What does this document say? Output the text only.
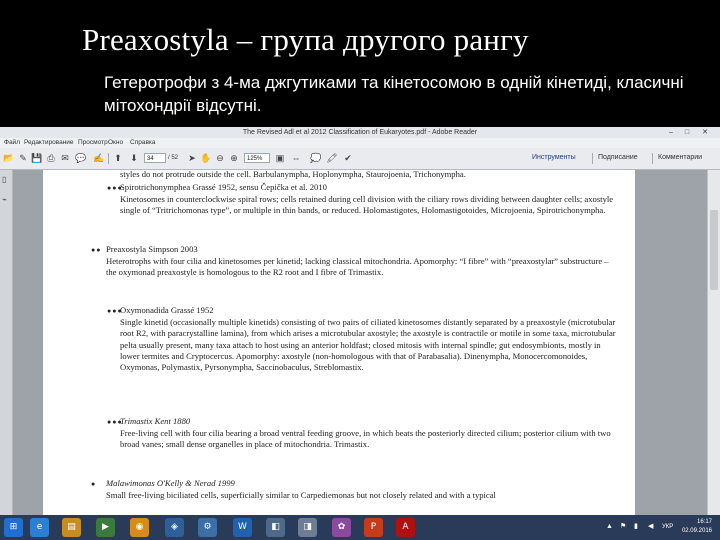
Preaxostyla – група другого рангу
Гетеротрофи з 4-ма джгутиками та кінетосомою в одній кінетиді, класичні мітохондрії відсутні.
The Revised Adl et al 2012 Classification of Eukaryotes.pdf - Adobe Reader	–	□	✕
Файл Редактирование Просмотр Окно Справка
📂 ✎ 💾 ⎙ ✉ 💬 ✍ ⬆ ⬇	34	/ 52 ➤ ✋ ⊖ ⊕	125%	▣ ⇔ 💭 🖍 ✔	Инструменты	Подписание	Комментарии
▯
⌁
styles do not protrude outside the cell. Barbulanympha, Hoplonympha, Staurojoenia, Trichonympha.
●●●
Spirotrichonymphea Grassé 1952, sensu Čepička et al. 2010
Kinetosomes in counterclockwise spiral rows; cells retained during cell division with the ciliary rows dividing between daughter cells; axostyle single of “Tritrichomonas type”, or multiple in thin bands, or reduced. Holomastigotes, Holomastigotoides, Microjoenia, Spirotrichonympha.
●● Preaxostyla Simpson 2003
Heterotrophs with four cilia and kinetosomes per kinetid; lacking classical mitochondria. Apomorphy: “I fibre” with “preaxostylar” substructure – the oxymonad preaxostyle is homologous to the R2 root and I fibre of Trimastix.
●●●
Oxymonadida Grassé 1952
Single kinetid (occasionally multiple kinetids) consisting of two pairs of ciliated kinetosomes distantly separated by a preaxostyle (microtubular root R2, with paracrystalline lamina), from which arises a microtubular axostyle; the axostyle is contractile or motile in some taxa, microtubular pelta usually present, many taxa attach to host using an anterior holdfast; closed mitosis with internal spindle; gut endosymbionts, mostly in lower termites and Cryptocercus. Apomorphy: axostyle (non-homologous with that of Parabasalia). Dinenympha, Monocercomonoides, Oxymonas, Polymastix, Pyrsonympha, Saccinobaculus, Streblomastix.
●●●
Trimastix Kent 1880
Free-living cell with four cilia bearing a broad ventral feeding groove, in which beats the posteriorly directed cilium; posterior cilium with two broad vanes; small dense organelles in place of mitochondria. Trimastix.
● Malawimonas O'Kelly & Nerad 1999
Small free-living biciliated cells, superficially similar to Carpediemonas but not closely related and with a typical
⊞	e	▤	▶	◉	◈	⚙	W	◧	◨	✿	P	A	▲ ⚑ ▮ ◀ УКР
16:17
02.09.2016
